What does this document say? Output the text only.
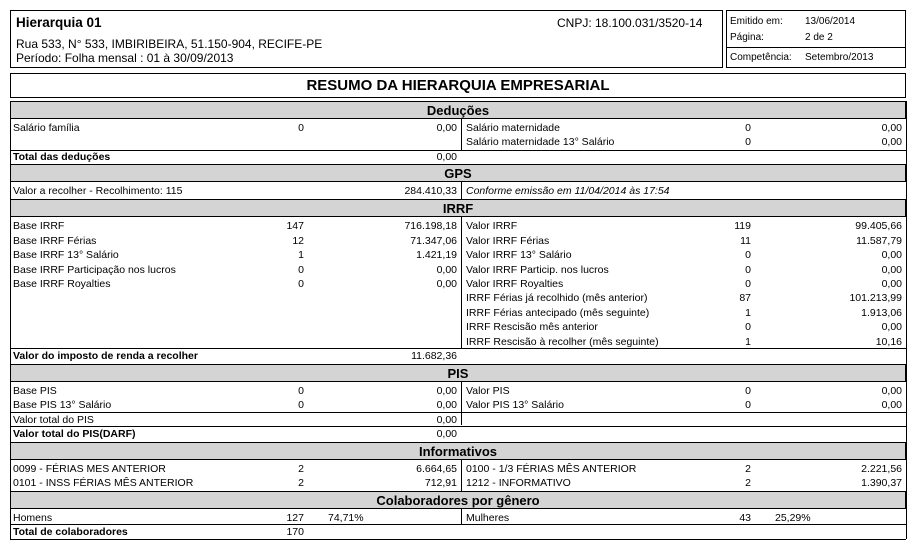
Hierarquia 01
Rua 533, N° 533, IMBIRIBEIRA, 51.150-904, RECIFE-PE
Período: Folha mensal : 01 à 30/09/2013
CNPJ: 18.100.031/3520-14	Emitido em: 13/06/2014
Página:	2 de 2
Competência: Setembro/2013
RESUMO DA HIERARQUIA EMPRESARIAL
Deduções
Salário família	0	0,00 Salário maternidade	0	0,00
Salário maternidade 13° Salário	0	0,00
Total das deduções	0,00
GPS
Valor a recolher - Recolhimento: 115	284.410,33 Conforme emissão em 11/04/2014 às 17:54
IRRF
Base IRRF	147	716.198,18
Base IRRF Férias	12	71.347,06
Base IRRF 13° Salário	1	1.421,19
Base IRRF Participação nos lucros	0	0,00
Base IRRF Royalties	0	0,00
Valor IRRF	119	99.405,66
Valor IRRF Férias	11	11.587,79
Valor IRRF 13° Salário	0	0,00
Valor IRRF Particip. nos lucros	0	0,00
Valor IRRF Royalties	0	0,00
IRRF Férias já recolhido (mês anterior)	87	101.213,99
IRRF Férias antecipado (mês seguinte)	1	1.913,06
IRRF Rescisão mês anterior	0	0,00
IRRF Rescisão à recolher (mês seguinte)	1	10,16
Valor do imposto de renda a recolher	11.682,36
PIS
Base PIS	0	0,00
Base PIS 13° Salário	0	0,00
Valor PIS	0	0,00
Valor PIS 13° Salário	0	0,00
Valor total do PIS	0,00
Valor total do PIS(DARF)	0,00
Informativos
0099 - FÉRIAS MES ANTERIOR	2	6.664,65
0101 - INSS FÉRIAS MÊS ANTERIOR	2	712,91
0100 - 1/3 FÉRIAS MÊS ANTERIOR	2	2.221,56
1212 - INFORMATIVO	2	1.390,37
Colaboradores por gênero
Homens	127 74,71%	Mulheres	43 25,29%
Total de colaboradores	170
